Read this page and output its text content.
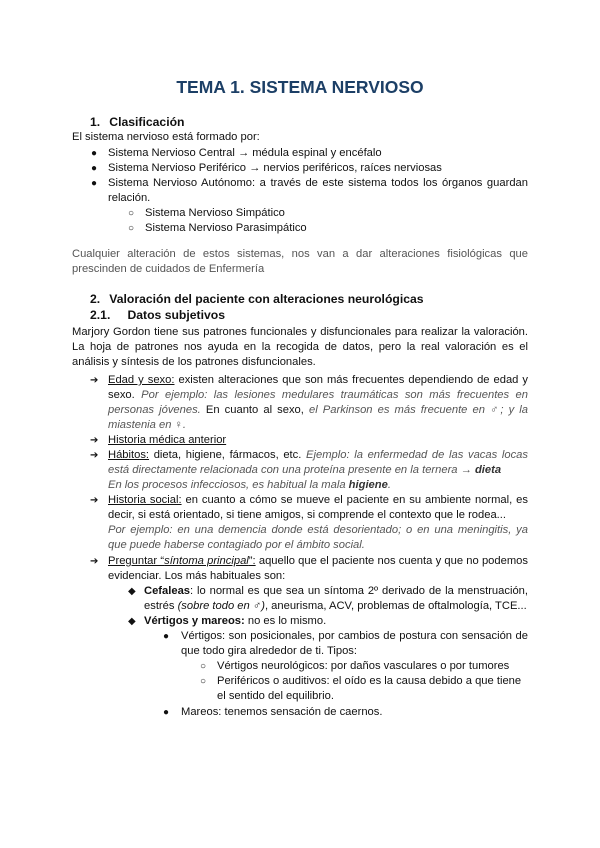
TEMA 1. SISTEMA NERVIOSO
1. Clasificación
El sistema nervioso está formado por:
● Sistema Nervioso Central → médula espinal y encéfalo
● Sistema Nervioso Periférico → nervios periféricos, raíces nerviosas
● Sistema Nervioso Autónomo: a través de este sistema todos los órganos guardan relación.
○ Sistema Nervioso Simpático
○ Sistema Nervioso Parasimpático
Cualquier alteración de estos sistemas, nos van a dar alteraciones fisiológicas que prescinden de cuidados de Enfermería
2. Valoración del paciente con alteraciones neurológicas
2.1. Datos subjetivos
Marjory Gordon tiene sus patrones funcionales y disfuncionales para realizar la valoración. La hoja de patrones nos ayuda en la recogida de datos, pero la real valoración es el análisis y síntesis de los patrones disfuncionales.
➔ Edad y sexo: existen alteraciones que son más frecuentes dependiendo de edad y sexo. Por ejemplo: las lesiones medulares traumáticas son más frecuentes en personas jóvenes. En cuanto al sexo, el Parkinson es más frecuente en ♂; y la miastenia en ♀.
➔ Historia médica anterior
➔ Hábitos: dieta, higiene, fármacos, etc. Ejemplo: la enfermedad de las vacas locas está directamente relacionada con una proteína presente en la ternera → dieta
En los procesos infecciosos, es habitual la mala higiene.
➔ Historia social: en cuanto a cómo se mueve el paciente en su ambiente normal, es decir, si está orientado, si tiene amigos, si comprende el contexto que le rodea...
Por ejemplo: en una demencia donde está desorientado; o en una meningitis, ya que puede haberse contagiado por el ámbito social.
➔ Preguntar “síntoma principal”: aquello que el paciente nos cuenta y que no podemos evidenciar. Los más habituales son:
◆ Cefaleas: lo normal es que sea un síntoma 2º derivado de la menstruación, estrés (sobre todo en ♂), aneurisma, ACV, problemas de oftalmología, TCE...
◆ Vértigos y mareos: no es lo mismo.
● Vértigos: son posicionales, por cambios de postura con sensación de que todo gira alrededor de ti. Tipos:
○ Vértigos neurológicos: por daños vasculares o por tumores
○ Periféricos o auditivos: el oído es la causa debido a que tiene el sentido del equilibrio.
● Mareos: tenemos sensación de caernos.
